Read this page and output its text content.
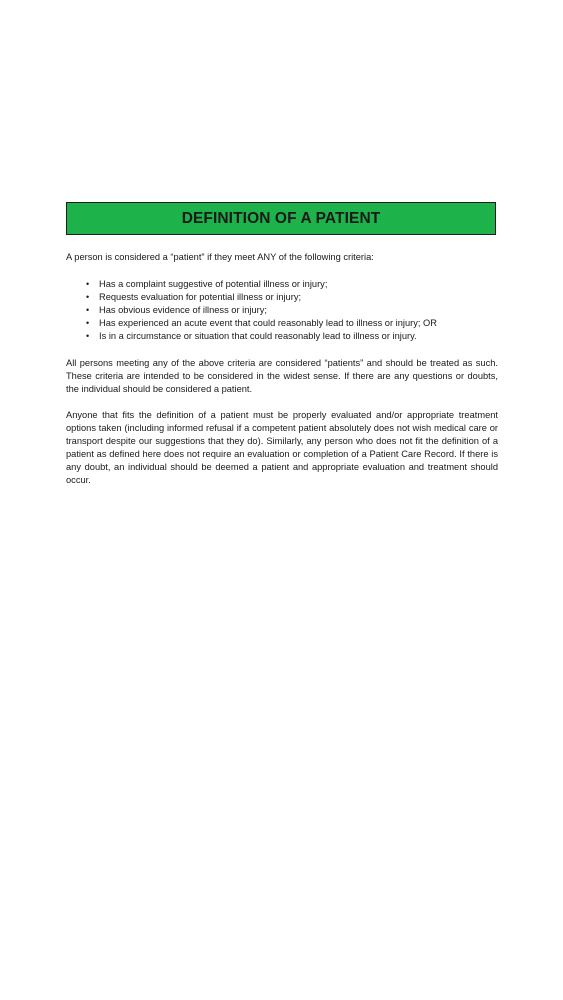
DEFINITION OF A PATIENT

A person is considered a “patient” if they meet ANY of the following criteria:

• Has a complaint suggestive of potential illness or injury;
• Requests evaluation for potential illness or injury;
• Has obvious evidence of illness or injury;
• Has experienced an acute event that could reasonably lead to illness or injury; OR
• Is in a circumstance or situation that could reasonably lead to illness or injury.

All persons meeting any of the above criteria are considered “patients” and should be treated as such. These criteria are intended to be considered in the widest sense. If there are any questions or doubts, the individual should be considered a patient.

Anyone that fits the definition of a patient must be properly evaluated and/or appropriate treatment options taken (including informed refusal if a competent patient absolutely does not wish medical care or transport despite our suggestions that they do). Similarly, any person who does not fit the definition of a patient as defined here does not require an evaluation or completion of a Patient Care Record. If there is any doubt, an individual should be deemed a patient and appropriate evaluation and treatment should occur.
